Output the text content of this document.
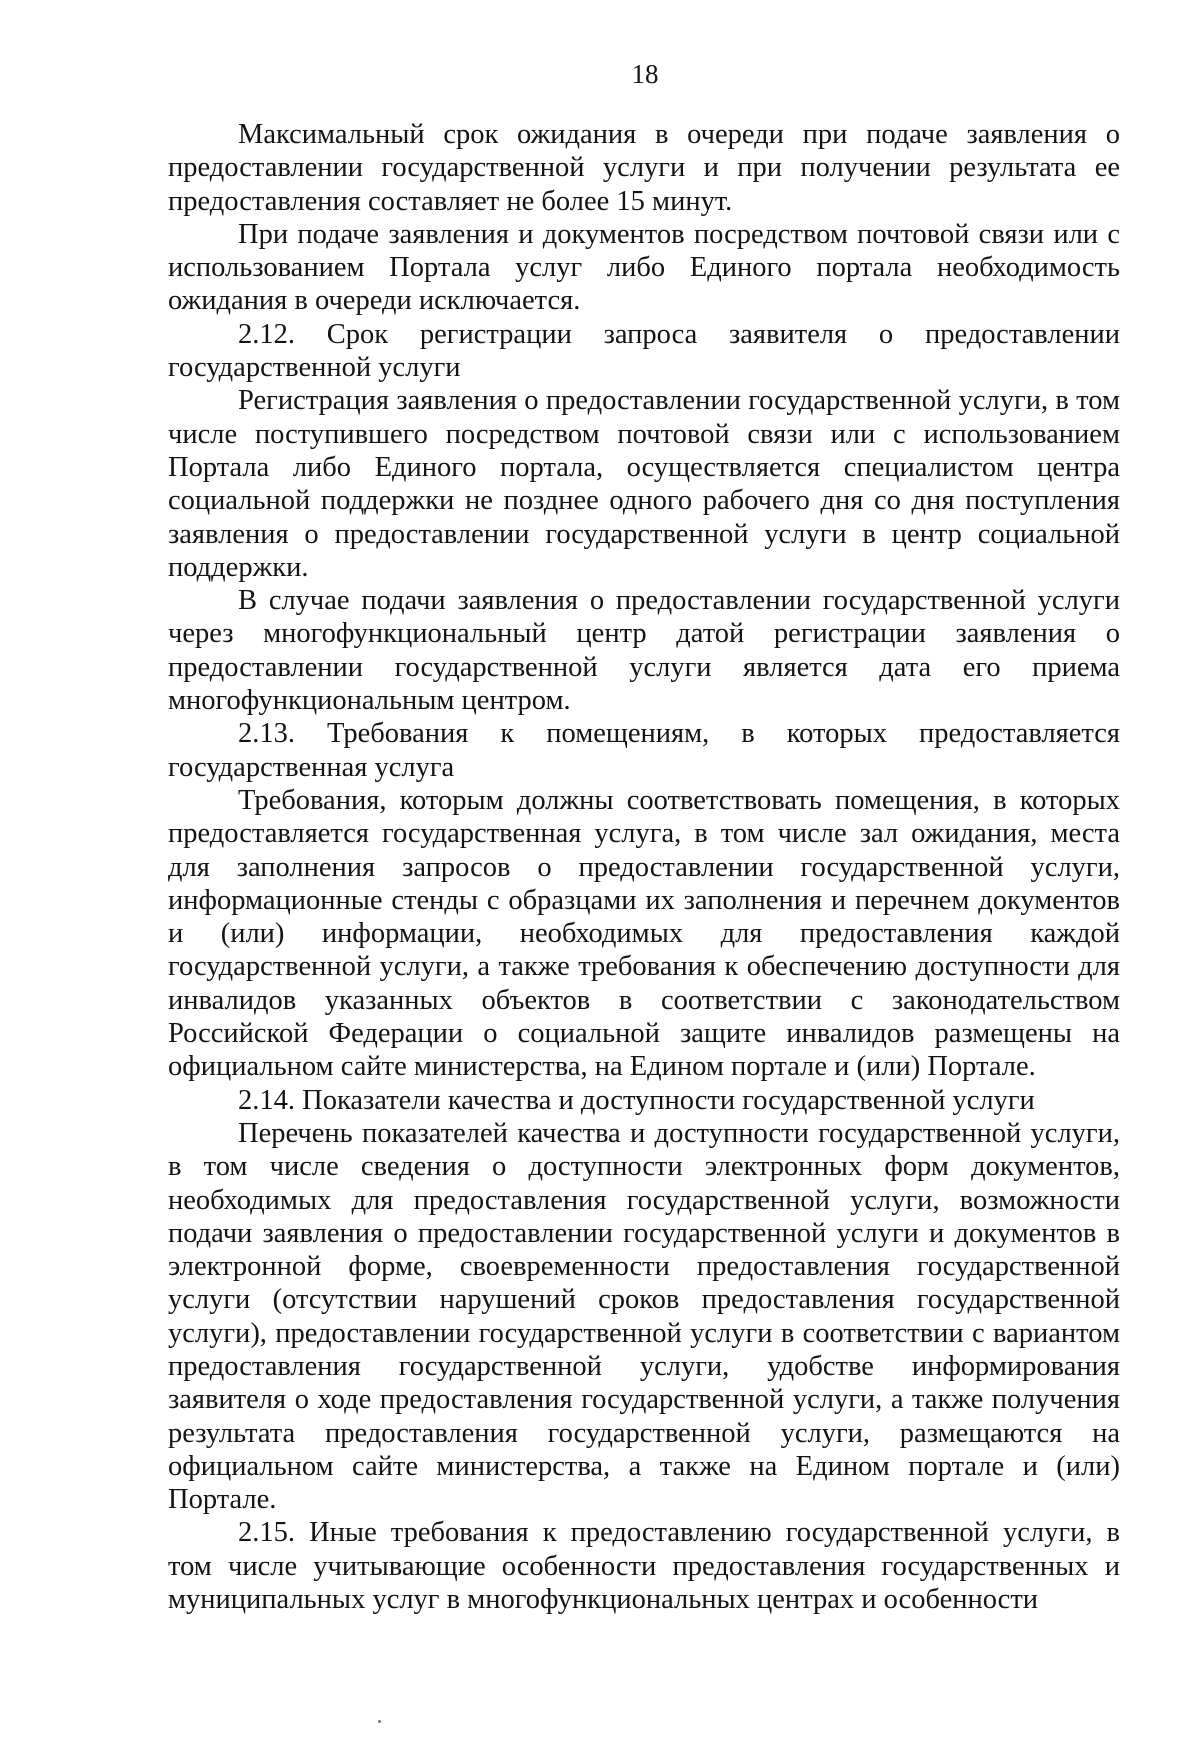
18

Максимальный срок ожидания в очереди при подаче заявления о предоставлении государственной услуги и при получении результата ее предоставления составляет не более 15 минут.

При подаче заявления и документов посредством почтовой связи или с использованием Портала услуг либо Единого портала необходимость ожидания в очереди исключается.

2.12. Срок регистрации запроса заявителя о предоставлении государственной услуги

Регистрация заявления о предоставлении государственной услуги, в том числе поступившего посредством почтовой связи или с использованием Портала либо Единого портала, осуществляется специалистом центра социальной поддержки не позднее одного рабочего дня со дня поступления заявления о предоставлении государственной услуги в центр социальной поддержки.

В случае подачи заявления о предоставлении государственной услуги через многофункциональный центр датой регистрации заявления о предоставлении государственной услуги является дата его приема многофункциональным центром.

2.13. Требования к помещениям, в которых предоставляется государственная услуга

Требования, которым должны соответствовать помещения, в которых предоставляется государственная услуга, в том числе зал ожидания, места для заполнения запросов о предоставлении государственной услуги, информационные стенды с образцами их заполнения и перечнем документов и (или) информации, необходимых для предоставления каждой государственной услуги, а также требования к обеспечению доступности для инвалидов указанных объектов в соответствии с законодательством Российской Федерации о социальной защите инвалидов размещены на официальном сайте министерства, на Едином портале и (или) Портале.

2.14. Показатели качества и доступности государственной услуги

Перечень показателей качества и доступности государственной услуги, в том числе сведения о доступности электронных форм документов, необходимых для предоставления государственной услуги, возможности подачи заявления о предоставлении государственной услуги и документов в электронной форме, своевременности предоставления государственной услуги (отсутствии нарушений сроков предоставления государственной услуги), предоставлении государственной услуги в соответствии с вариантом предоставления государственной услуги, удобстве информирования заявителя о ходе предоставления государственной услуги, а также получения результата предоставления государственной услуги, размещаются на официальном сайте министерства, а также на Едином портале и (или) Портале.

2.15. Иные требования к предоставлению государственной услуги, в том числе учитывающие особенности предоставления государственных и муниципальных услуг в многофункциональных центрах и особенности
